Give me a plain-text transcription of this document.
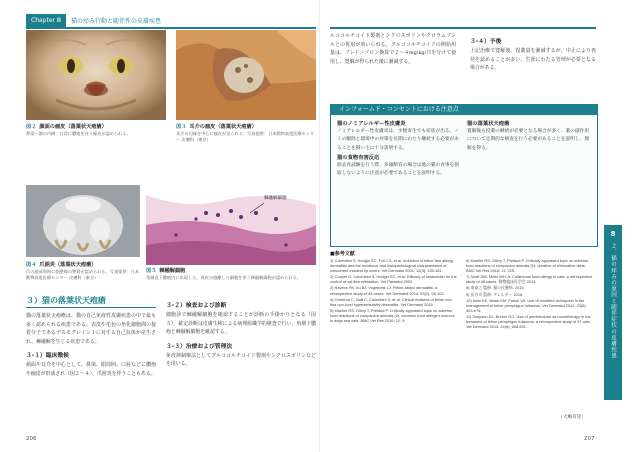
Chapter Ⅲ	猫の痒み行動と随伴性の皮膚疾患
図２ 顔面の痂皮（落葉状天疱瘡）
鼻梁〜額の内側、口唇に膿疱を伴う痂皮が認められる。
図３ 耳介の痂皮（落葉状天疱瘡）
耳介の辺縁を中心に痂皮が見られる。写真提供：日本動物高度医療センター 皮膚科（東京）
図４ 爪囲炎（落葉状天疱瘡）
爪の基部周囲に乾酪様の物質が認められる。写真提供：日本動物高度医療センター 皮膚科（東京）
棘融解細胞
図５ 棘融解細胞
角層直下膿疱内に出現した、真皮の遊離した細胞を伴う棘融解細胞が認められる。
３）猫の落葉状天疱瘡

猫の落葉状天疱瘡は、猫の自己免疫性皮膚疾患の中で最も多く認められる疾患である。表皮や毛包の角化細胞間の接着分子であるデスモグレイン１に対する自己抗体が産生され、棘融解を生じる疾患である。

３-１）臨床徴候

顔面や耳介を中心として、鼻梁、眼周囲、口唇などに膿疱や痂皮が形成され（図２〜４）、爪囲炎を伴うこともある。

３-２）検査および診断

細胞診で棘融解細胞を確認することが診断の手掛かりとなる（図５）。確定診断は皮膚生検による病理組織学的検査で行い、角層下膿疱と棘融解細胞を確認する。

３-３）治療および管理法

免疫抑制療法としてグルココルチコイド製剤やシクロスポリンなどを用いる。

206

ルココルチコイド製剤とシクロスポリンやクロラムブシルとの併用が効いられる。グルココルチコイドの開始用量は、プレドニゾロン換算で２〜４mg/kg/日を分けて使用し、寛解が得られた後に漸減する。

３-４）予後

上記治療で寛解後、投薬量を漸減するが、中止により再発を認めることが多い。生涯にわたる管理が必要となる場合がある。

インフォームド・コンセントにおける注意点
猫のノミアレルギー性皮膚炎

ノミアレルギー性皮膚炎は、少数寄生でも症状が出る。ノミの駆除と環境中の対策を長期にわたり継続する必要があることを飼い主に十分説明する。

猫の食物有害反応

除去食試験を行う際、多頭飼育の場合は他の猫の食事を摂取しないように注意が必要であることを説明する。

猫の落葉状天疱瘡

寛解後も投薬の継続が必要となる場合が多く、薬の副作用について定期的な検査を行う必要があることを説明し、理解を得る。

■参考文献

1) Colombini S, Hodgin EC, Foil CS, et al. Induction of feline flea allergy dermatitis and the incidence and histopathological characteristics of concurrent indolent lip ulcers. Vet Dermatol 2001; 12(3): 155-161.

2) Cooper D, Colombini S, Hodgin EC, et al. Efficacy of selamectin for the control of cat flea infestation. Vet Parasitol 2002.

3) Ravens PA, Xu BJ, Vogelnest LJ. Feline atopic dermatitis: a retrospective study of 45 cases. Vet Dermatol 2014; 25(2): 95-102.

4) Ormerod C, Nott C, Colombini S, et al. Clinical features of feline non-flea non-food hypersensitivity dermatitis. Vet Dermatol 2015.

5) Mueller RS, Olivry T, Prélaud P. Critically appraised topic on adverse food reactions of companion animals (2): common food allergen sources in dogs and cats. BMC Vet Res 2016; 12: 9.

6) Mueller RS, Olivry T, Prélaud P. Critically appraised topic on adverse food reactions of companion animals (1): duration of elimination diets. BMC Vet Res 2015; 11: 225.

7) Scott DW, Miller WH Jr. Cutaneous food allergy in cats: a retrospective study of 48 cases. 動物臨床医学会 2013.

8) 南泰之 監修. 猫の皮膚病. 2015.

9) 長谷川 監修. アレルギー 2016.

10) Irwin KE, Beale KM, Fadok VA. Use of modified ciclosporin in the management of feline pemphigus foliaceus. Vet Dermatol 2012; 23(5): 403-e76.

11) Simpson DL, Burton GG. Use of prednisolone as monotherapy in the treatment of feline pemphigus foliaceus: a retrospective study of 37 cats. Vet Dermatol 2013; 24(6): 598-601.

（大嶋有里）
8
２．猫の痒みの原因と随伴症状の皮膚疾患
207
